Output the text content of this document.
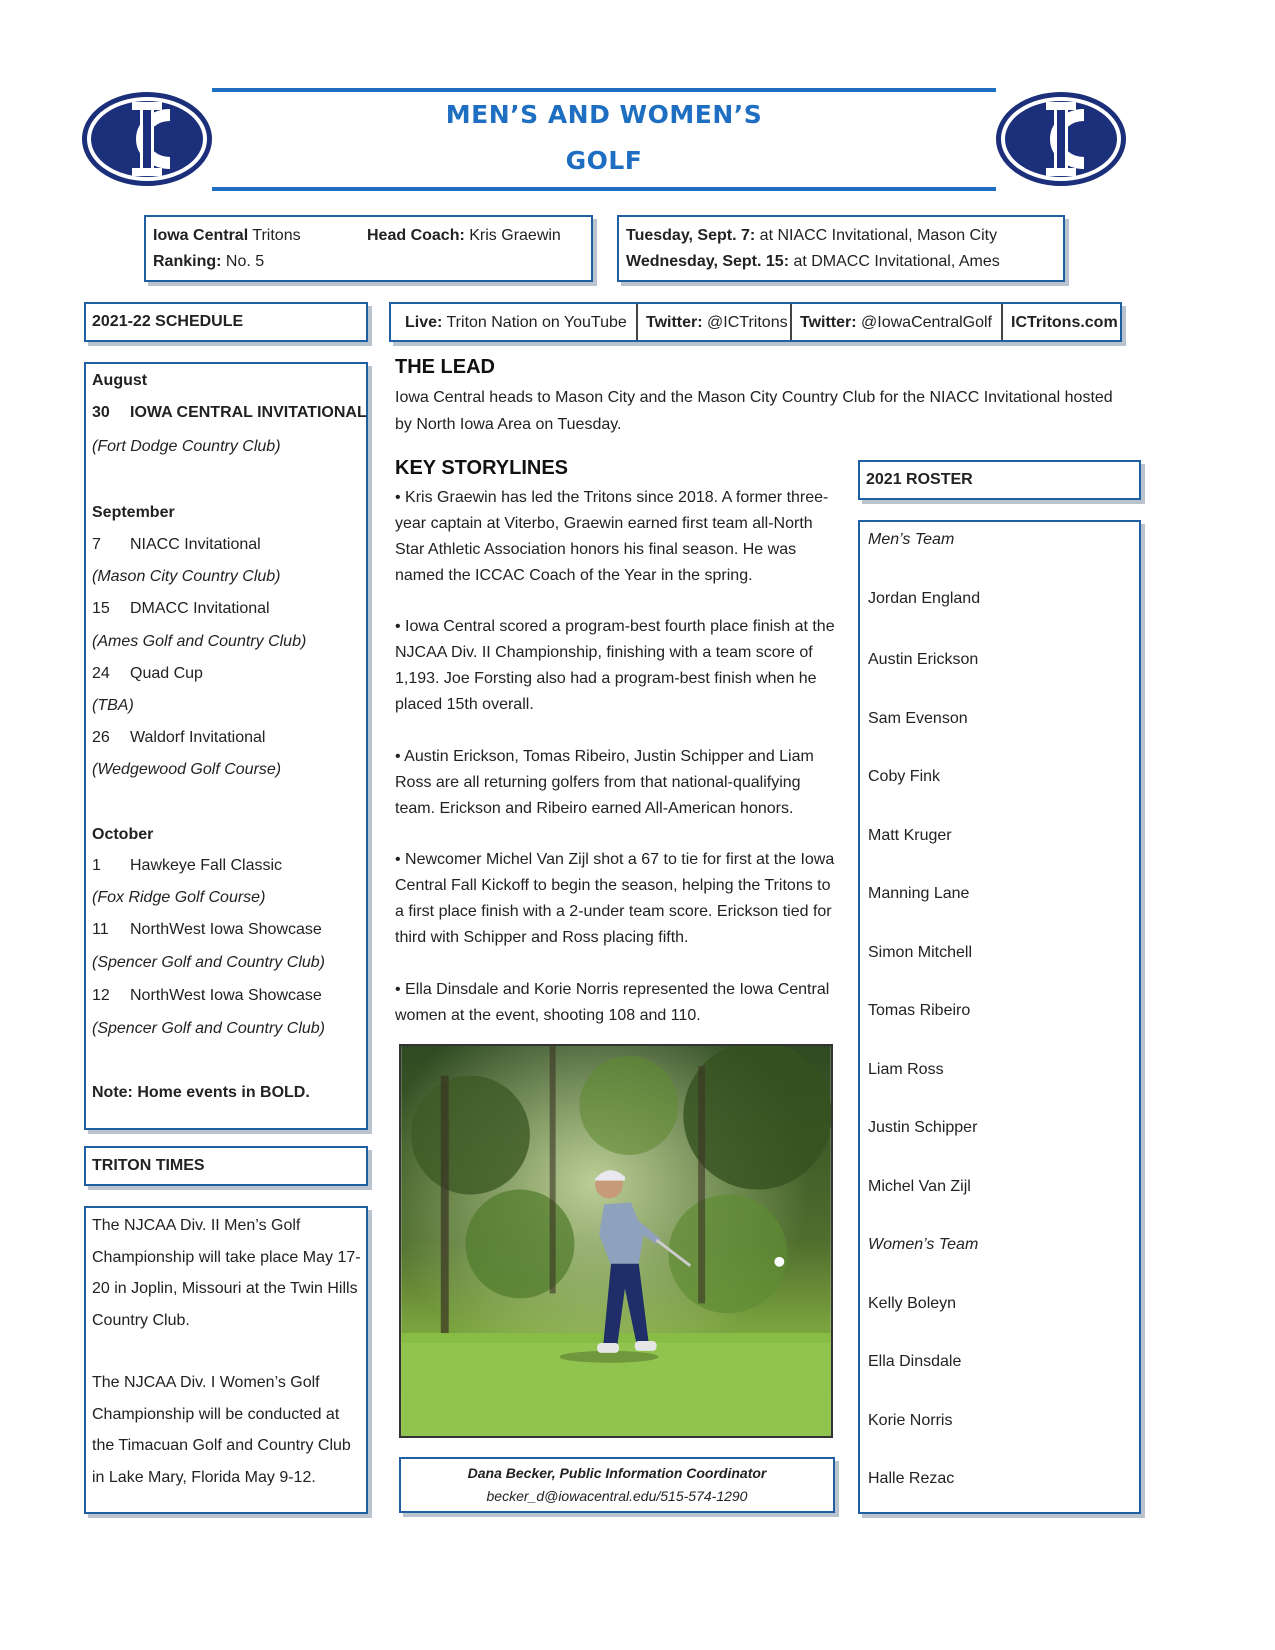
MEN’S AND WOMEN’S
GOLF
Iowa Central Tritons
Ranking: No. 5
Head Coach: Kris Graewin	Tuesday, Sept. 7: at NIACC Invitational, Mason City
Wednesday, Sept. 15: at DMACC Invitational, Ames
2021-22 SCHEDULE	Live: Triton Nation on YouTube	Twitter: @ICTritons Twitter: @IowaCentralGolf	ICTritons.com
August
30 IOWA CENTRAL INVITATIONAL
(Fort Dodge Country Club)
September
7 NIACC Invitational
(Mason City Country Club)
15 DMACC Invitational
(Ames Golf and Country Club)
24 Quad Cup
(TBA)
26 Waldorf Invitational
(Wedgewood Golf Course)
October
1 Hawkeye Fall Classic
(Fox Ridge Golf Course)
11 NorthWest Iowa Showcase
(Spencer Golf and Country Club)
12 NorthWest Iowa Showcase
(Spencer Golf and Country Club)
Note: Home events in BOLD.
TRITON TIMES
The NJCAA Div. II Men’s Golf Championship will take place May 17-20 in Joplin, Missouri at the Twin Hills Country Club.
The NJCAA Div. I Women’s Golf Championship will be conducted at the Timacuan Golf and Country Club in Lake Mary, Florida May 9-12.
THE LEAD
Iowa Central heads to Mason City and the Mason City Country Club for the NIACC Invitational hosted by North Iowa Area on Tuesday.
KEY STORYLINES
• Kris Graewin has led the Tritons since 2018. A former three-year captain at Viterbo, Graewin earned first team all-North Star Athletic Association honors his final season. He was named the ICCAC Coach of the Year in the spring.
• Iowa Central scored a program-best fourth place finish at the NJCAA Div. II Championship, finishing with a team score of 1,193. Joe Forsting also had a program-best finish when he placed 15th overall.
• Austin Erickson, Tomas Ribeiro, Justin Schipper and Liam Ross are all returning golfers from that national-qualifying team. Erickson and Ribeiro earned All-American honors.
• Newcomer Michel Van Zijl shot a 67 to tie for first at the Iowa Central Fall Kickoff to begin the season, helping the Tritons to a first place finish with a 2-under team score. Erickson tied for third with Schipper and Ross placing fifth.
• Ella Dinsdale and Korie Norris represented the Iowa Central women at the event, shooting 108 and 110.
Dana Becker, Public Information Coordinator
becker_d@iowacentral.edu/515-574-1290
2021 ROSTER
Men’s Team
Jordan England
Austin Erickson
Sam Evenson
Coby Fink
Matt Kruger
Manning Lane
Simon Mitchell
Tomas Ribeiro
Liam Ross
Justin Schipper
Michel Van Zijl
Women’s Team
Kelly Boleyn
Ella Dinsdale
Korie Norris
Halle Rezac
